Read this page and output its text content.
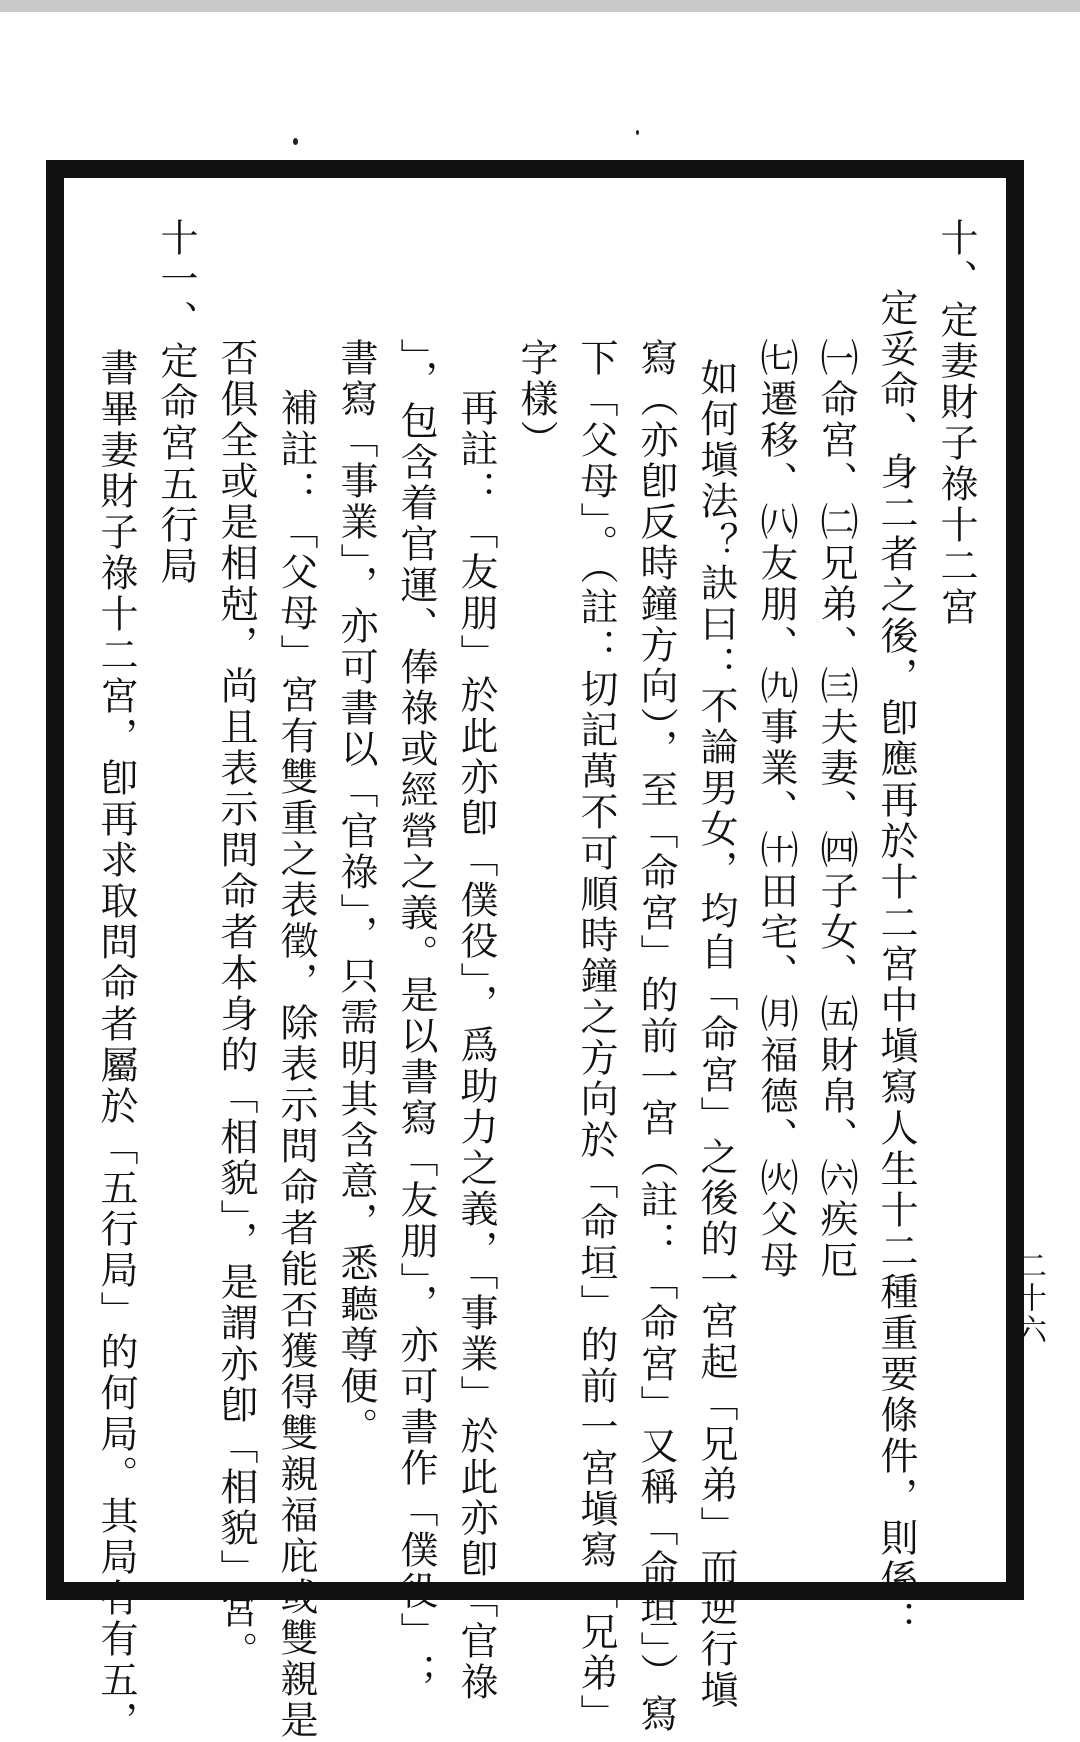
十、定妻財子祿十二宮
定妥命、身二者之後，卽應再於十二宮中塡寫人生十二種重要條件，則係：
㈠命宮、㈡兄弟、㈢夫妻、㈣子女、㈤財帛、㈥疾厄
㈦遷移、㈧友朋、㈨事業、㈩田宅、㈪福德、㈫父母
如何塡法？訣曰：不論男女，均自「命宮」之後的一宮起「兄弟」而逆行塡
寫（亦卽反時鐘方向），至「命宮」的前一宮（註：「命宮」又稱「命垣」）寫
下「父母」。（註：切記萬不可順時鐘之方向於「命垣」的前一宮塡寫「兄弟」
字樣）
再註：「友朋」於此亦卽「僕役」，爲助力之義，「事業」於此亦卽「官祿
」，包含着官運、俸祿或經營之義。是以書寫「友朋」，亦可書作「僕役」；
書寫「事業」，亦可書以「官祿」，只需明其含意，悉聽尊便。
補註：「父母」宮有雙重之表徵，除表示問命者能否獲得雙親福庇或雙親是
否俱全或是相尅，尚且表示問命者本身的「相貌」，是謂亦卽「相貌」宮。
十一、定命宮五行局
書畢妻財子祿十二宮，卽再求取問命者屬於「五行局」的何局。其局有有五，	二十六
